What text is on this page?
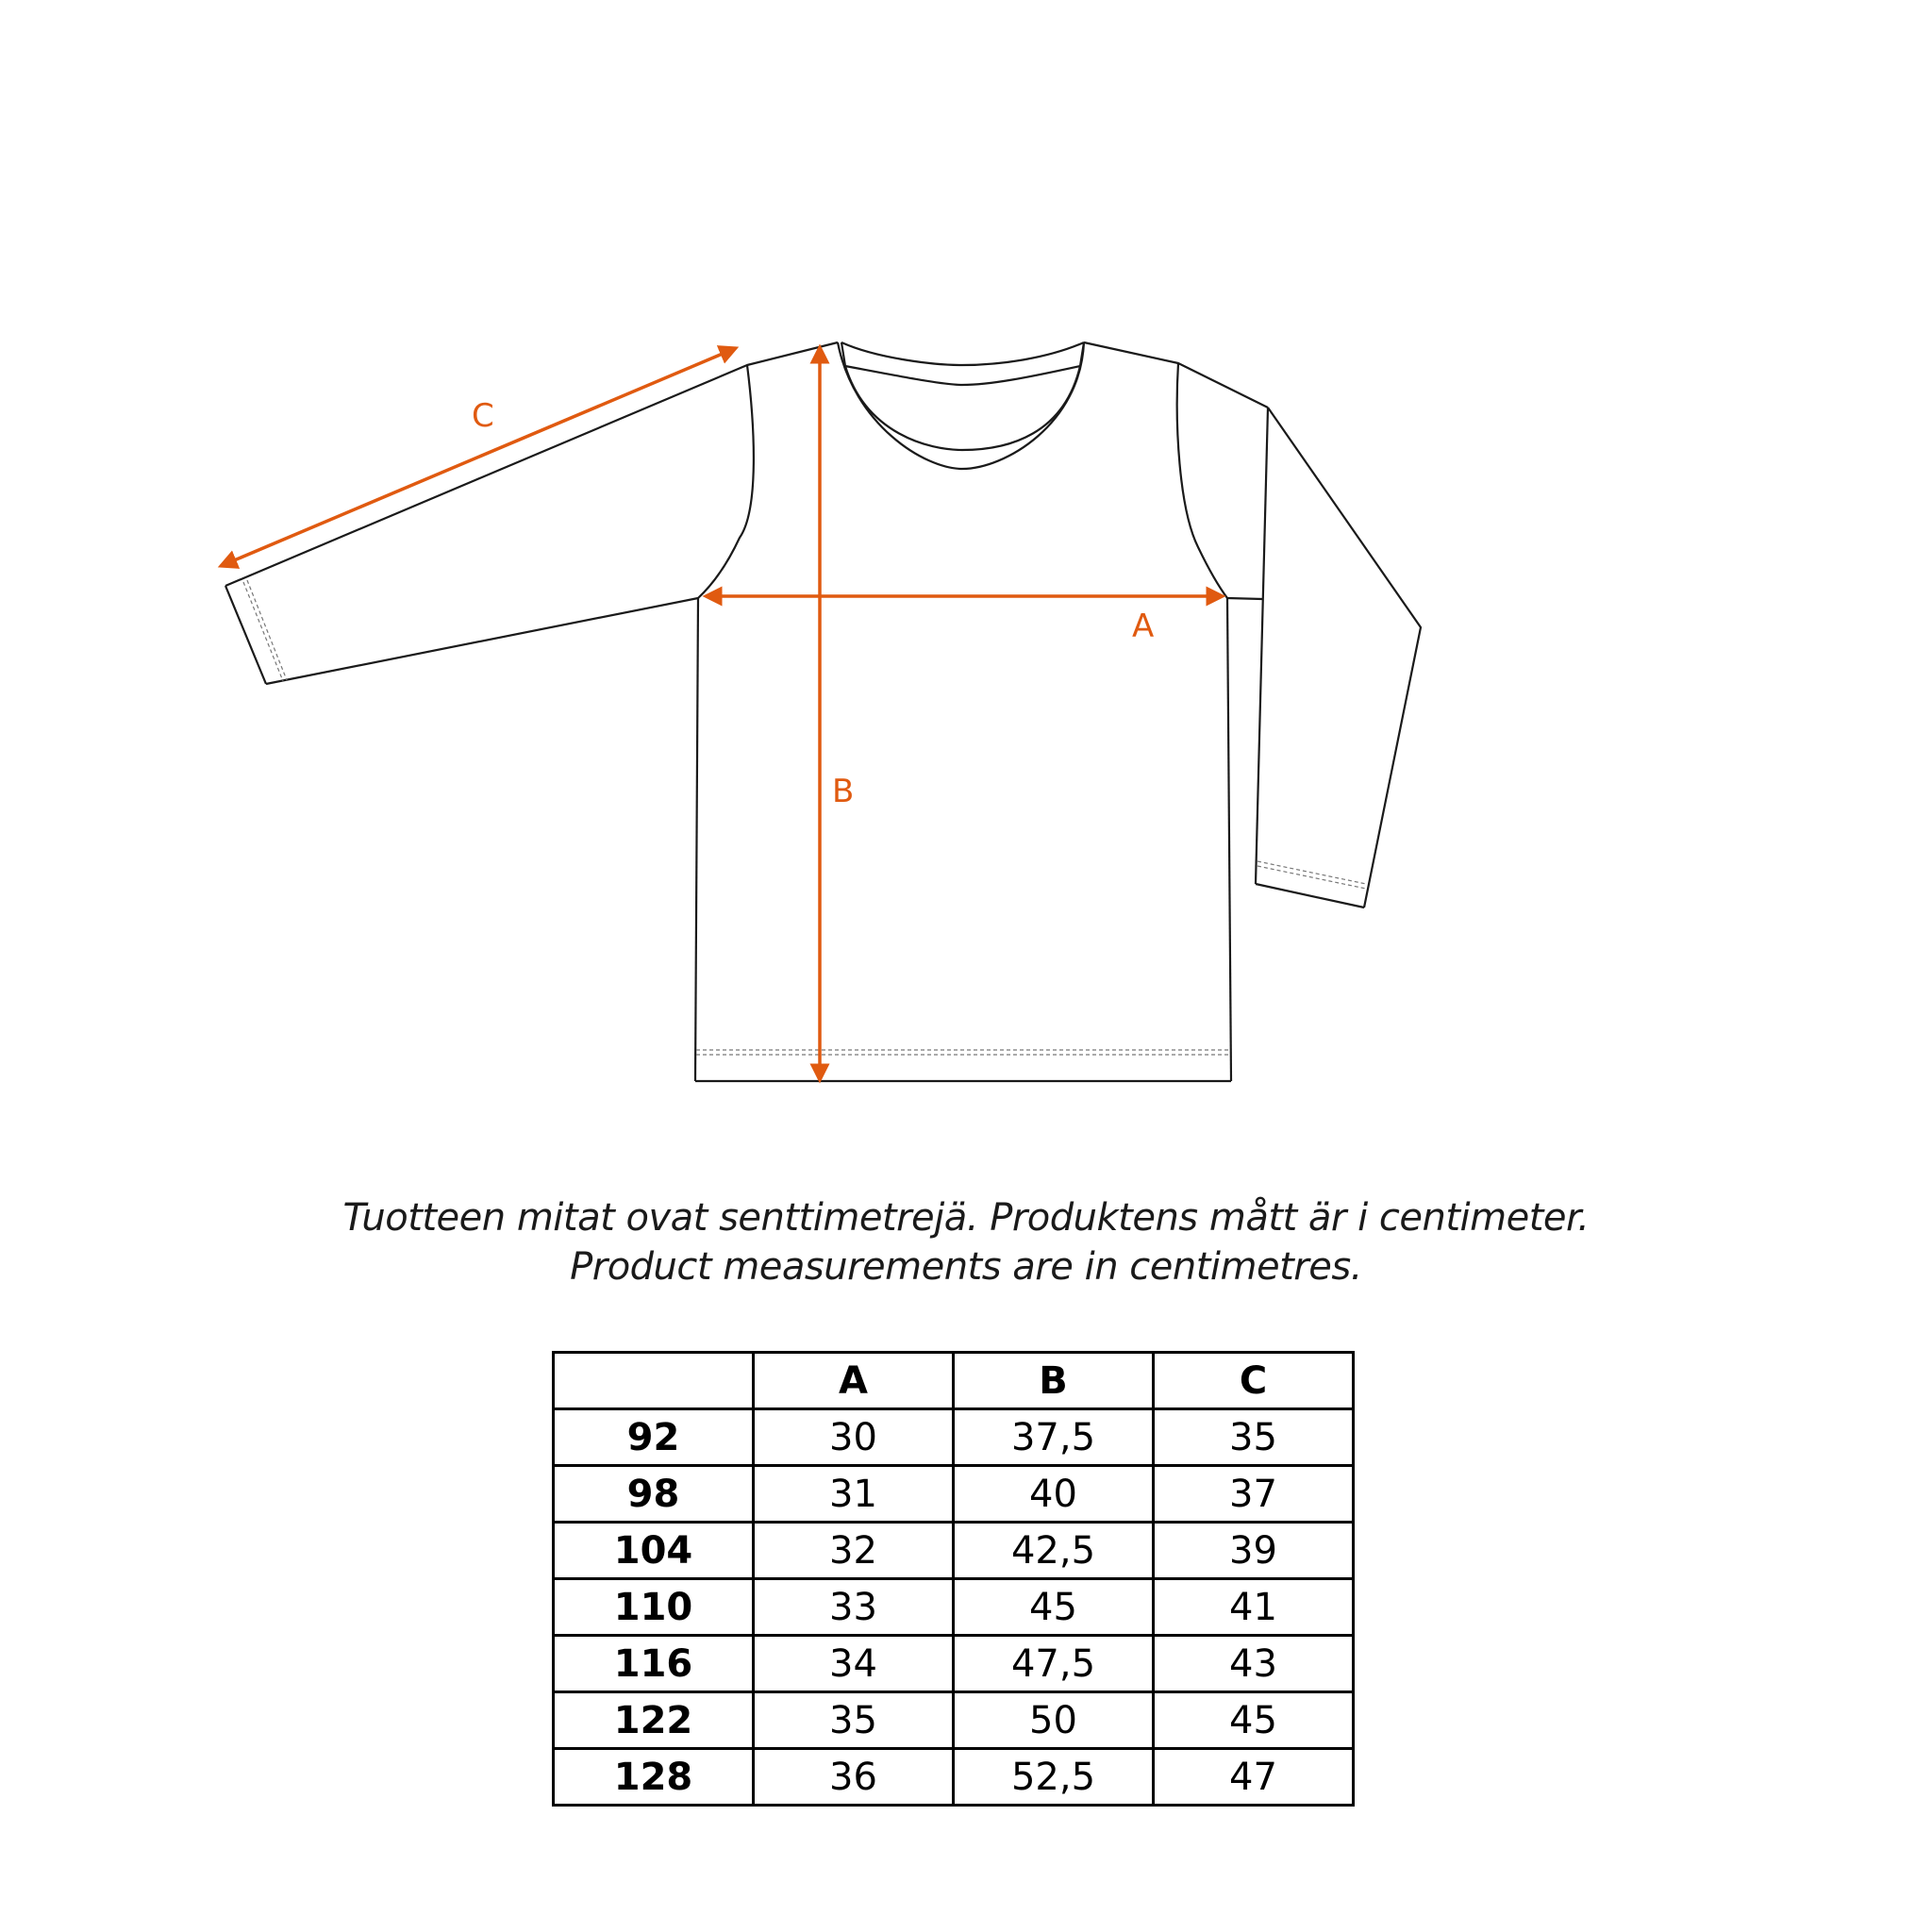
A
B
C
Tuotteen mitat ovat senttimetrejä. Produktens mått är i centimeter.
Product measurements are in centimetres.
	A	B	C
92	30	37,5	35
98	31	40	37
104	32	42,5	39
110	33	45	41
116	34	47,5	43
122	35	50	45
128	36	52,5	47
